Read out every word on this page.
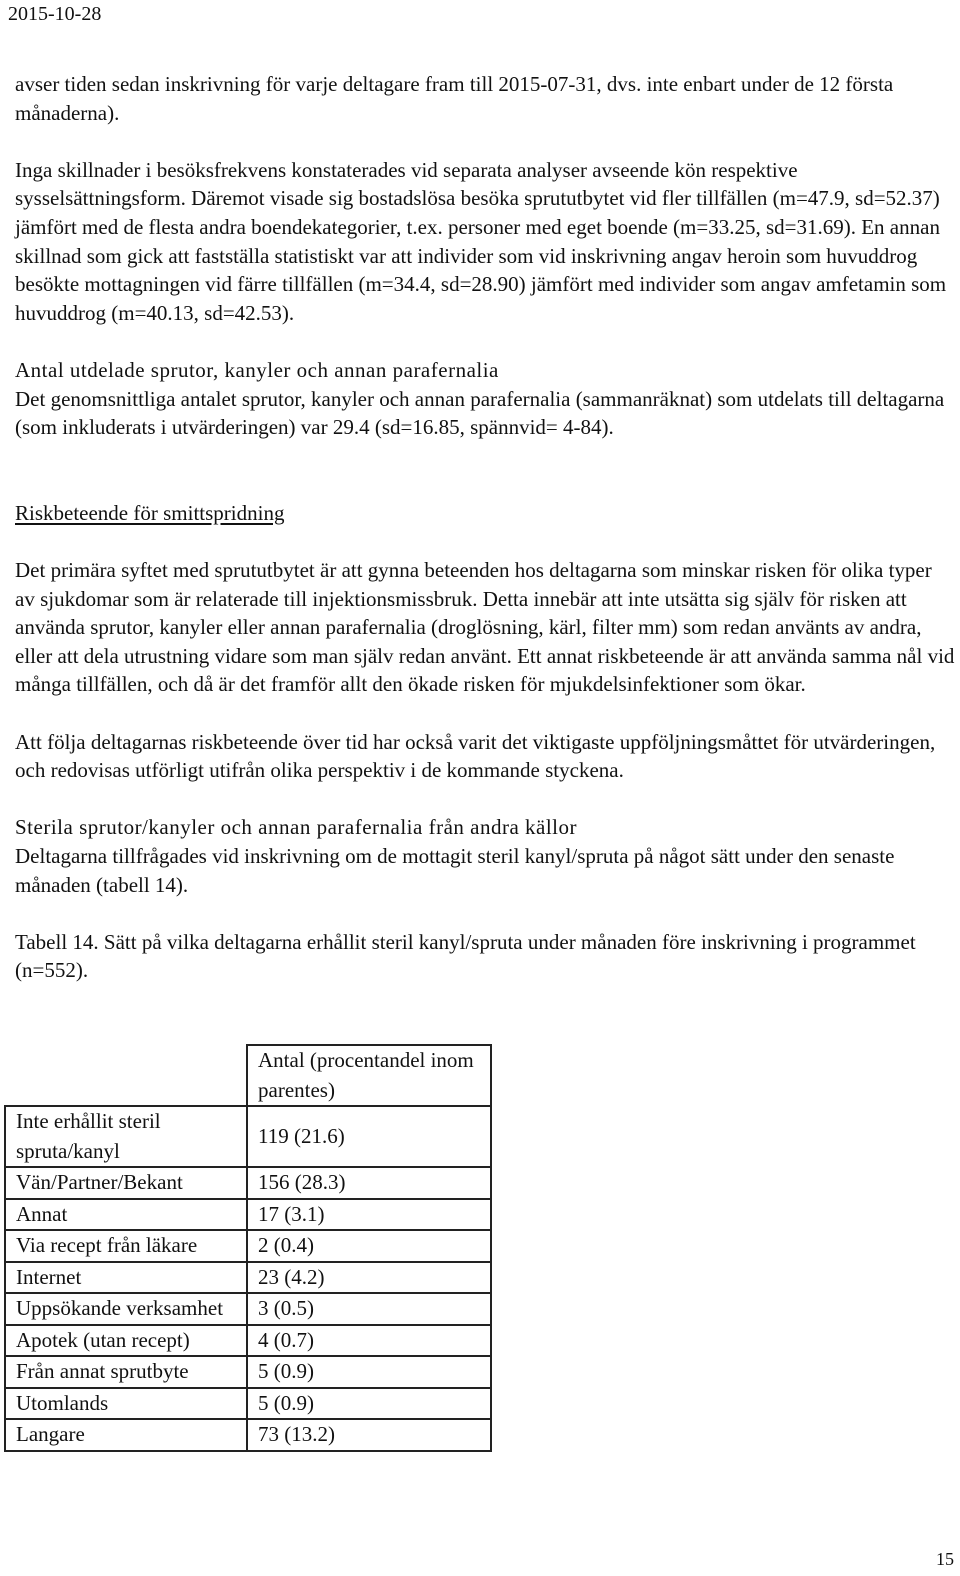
2015-10-28

avser tiden sedan inskrivning för varje deltagare fram till 2015-07-31, dvs. inte enbart under de 12 första månaderna).

Inga skillnader i besöksfrekvens konstaterades vid separata analyser avseende kön respektive sysselsättningsform. Däremot visade sig bostadslösa besöka sprututbytet vid fler tillfällen (m=47.9, sd=52.37) jämfört med de flesta andra boendekategorier, t.ex. personer med eget boende (m=33.25, sd=31.69). En annan skillnad som gick att fastställa statistiskt var att individer som vid inskrivning angav heroin som huvuddrog besökte mottagningen vid färre tillfällen (m=34.4, sd=28.90) jämfört med individer som angav amfetamin som huvuddrog (m=40.13, sd=42.53).

Antal utdelade sprutor, kanyler och annan parafernalia

Det genomsnittliga antalet sprutor, kanyler och annan parafernalia (sammanräknat) som utdelats till deltagarna (som inkluderats i utvärderingen) var 29.4 (sd=16.85, spännvid= 4-84).

Riskbeteende för smittspridning

Det primära syftet med sprututbytet är att gynna beteenden hos deltagarna som minskar risken för olika typer av sjukdomar som är relaterade till injektionsmissbruk. Detta innebär att inte utsätta sig själv för risken att använda sprutor, kanyler eller annan parafernalia (droglösning, kärl, filter mm) som redan använts av andra, eller att dela utrustning vidare som man själv redan använt. Ett annat riskbeteende är att använda samma nål vid många tillfällen, och då är det framför allt den ökade risken för mjukdelsinfektioner som ökar.

Att följa deltagarnas riskbeteende över tid har också varit det viktigaste uppföljningsmåttet för utvärderingen, och redovisas utförligt utifrån olika perspektiv i de kommande styckena.

Sterila sprutor/kanyler och annan parafernalia från andra källor

Deltagarna tillfrågades vid inskrivning om de mottagit steril kanyl/spruta på något sätt under den senaste månaden (tabell 14).

Tabell 14. Sätt på vilka deltagarna erhållit steril kanyl/spruta under månaden före inskrivning i programmet (n=552).

	Antal (procentandel inom parentes)
Inte erhållit steril spruta/kanyl	119 (21.6)
Vän/Partner/Bekant	156 (28.3)
Annat	17 (3.1)
Via recept från läkare	2 (0.4)
Internet	23 (4.2)
Uppsökande verksamhet	3 (0.5)
Apotek (utan recept)	4 (0.7)
Från annat sprutbyte	5 (0.9)
Utomlands	5 (0.9)
Langare	73 (13.2)
15
